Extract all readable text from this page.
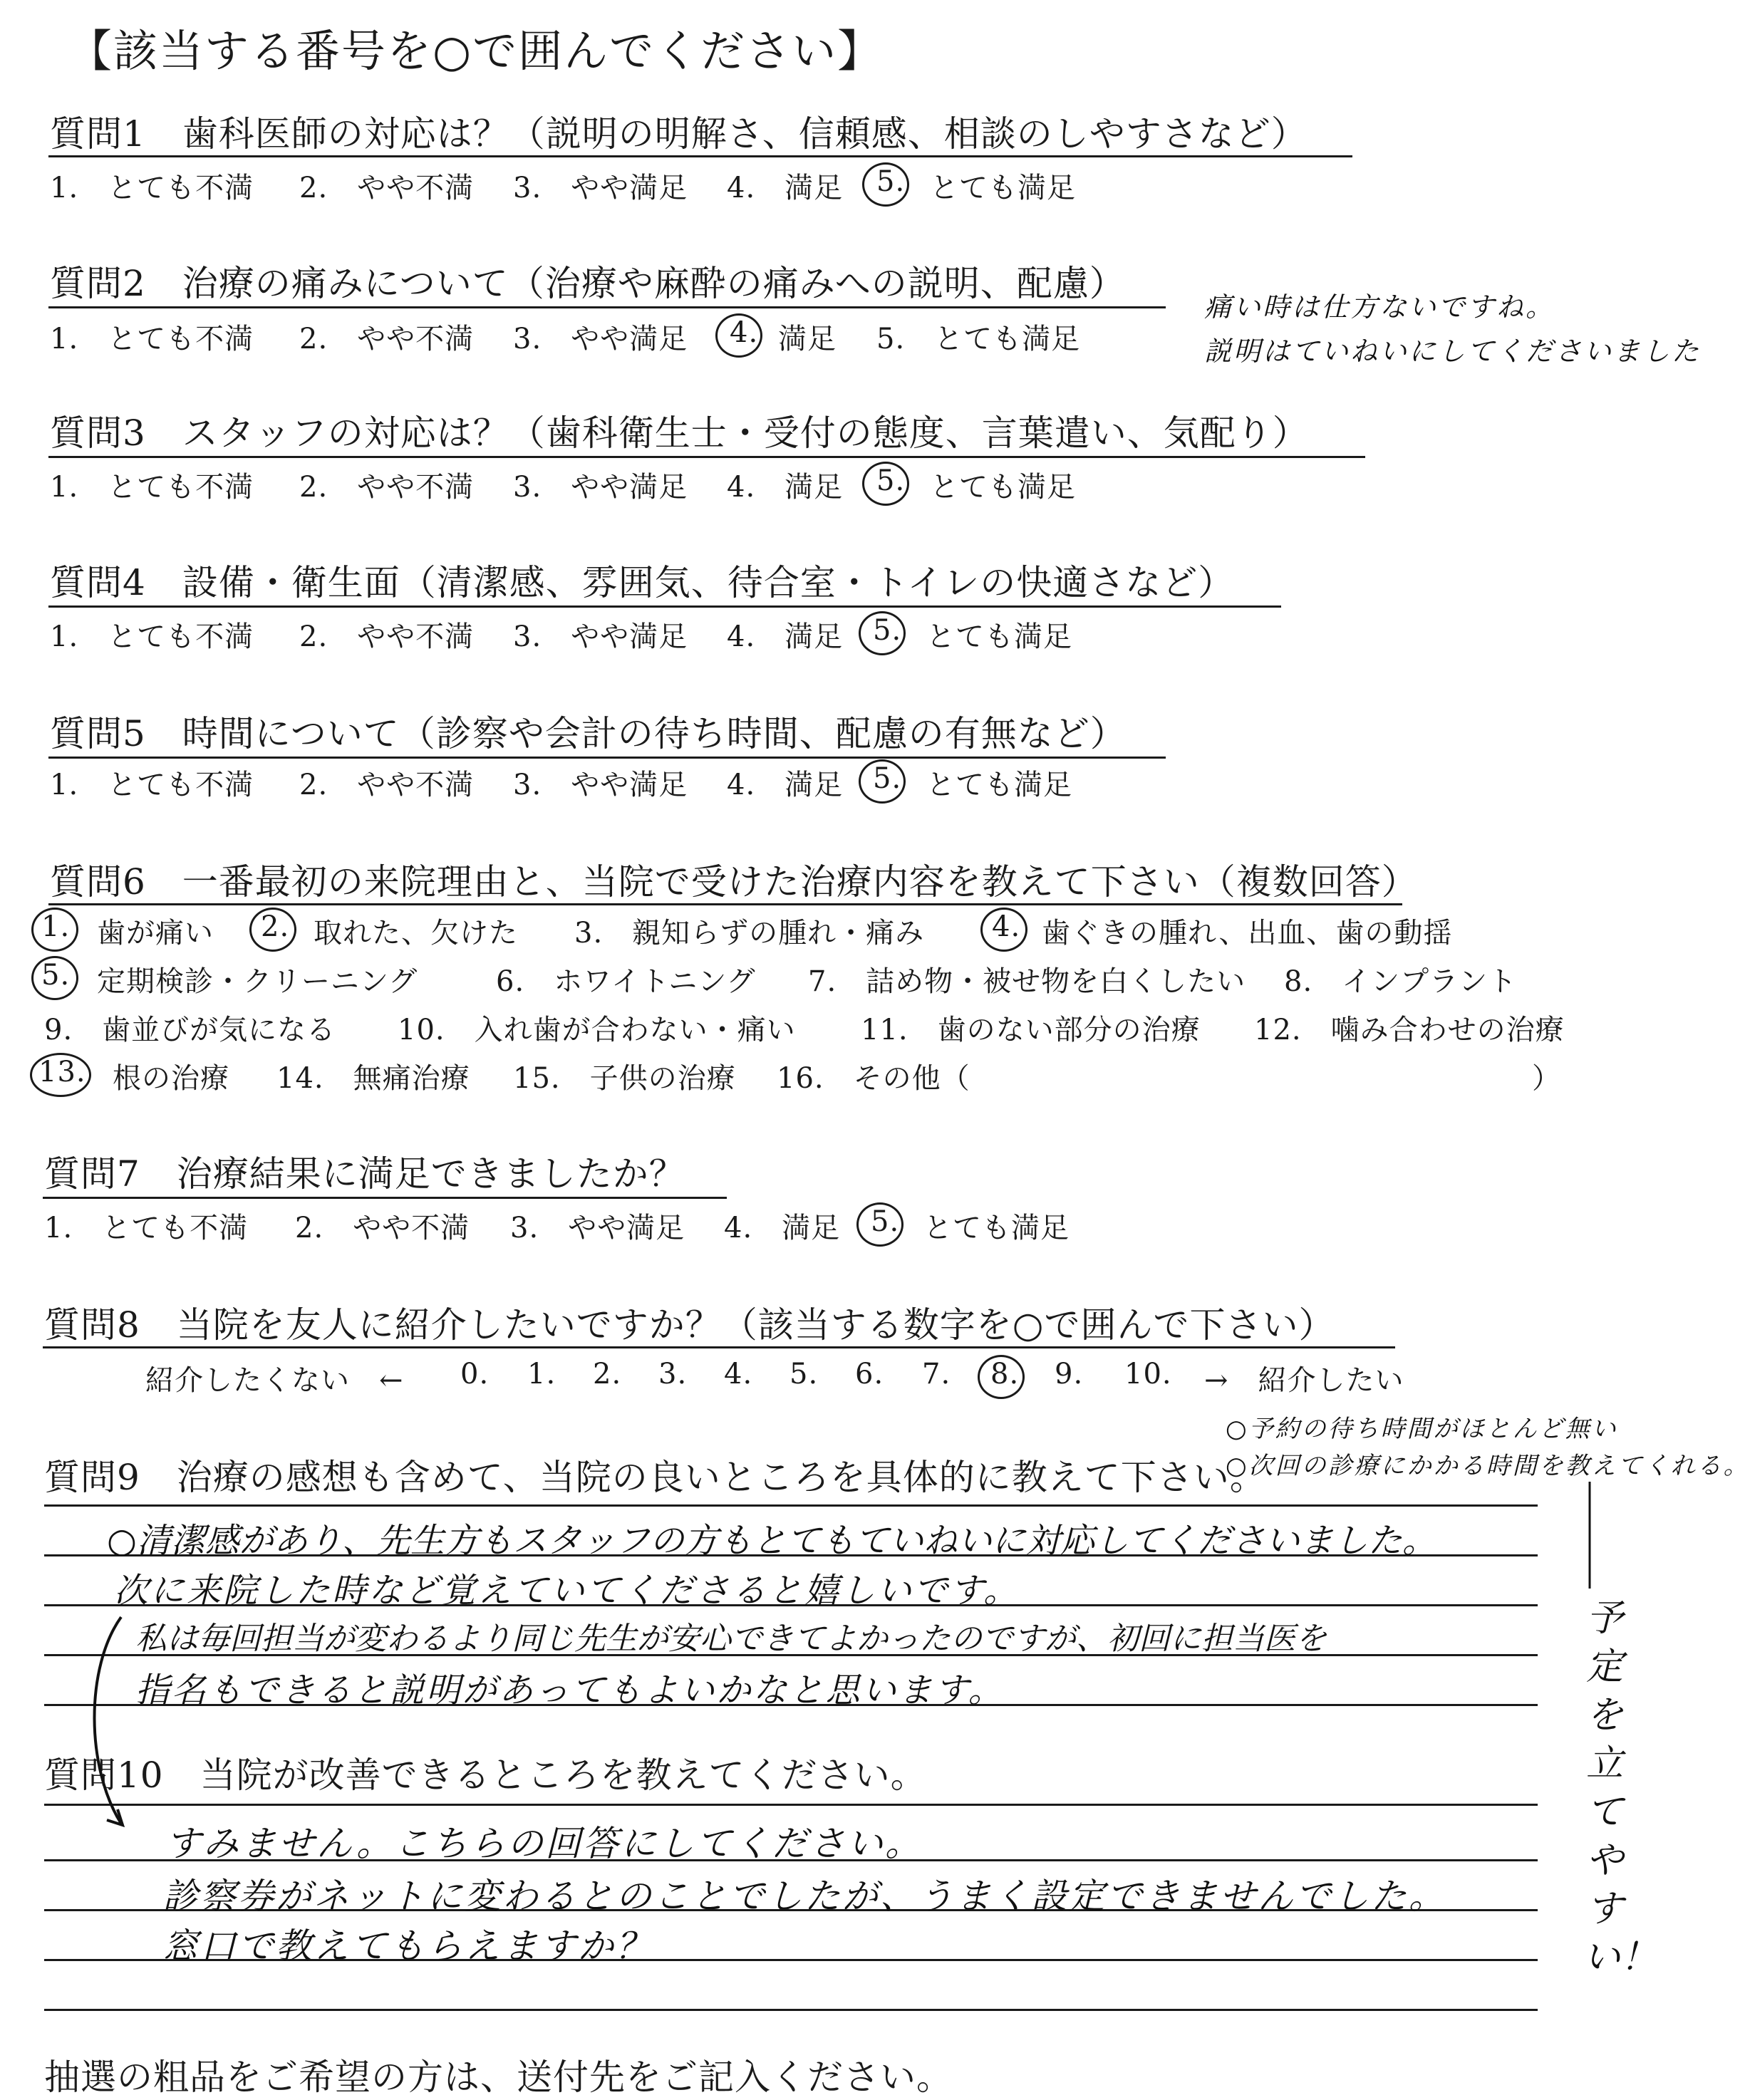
【該当する番号を○で囲んでください】
質問1　歯科医師の対応は？（説明の明解さ、信頼感、相談のしやすさなど）
1.　とても不満 2.　やや不満 3.　やや満足 4.　満足 5. とても満足
質問2　治療の痛みについて（治療や麻酔の痛みへの説明、配慮）
1.　とても不満 2.　やや不満 3.　やや満足 4. 満足 5.　とても満足
痛い時は仕方ないですね。
説明はていねいにしてくださいました
質問3　スタッフの対応は？（歯科衛生士・受付の態度、言葉遣い、気配り）
1.　とても不満 2.　やや不満 3.　やや満足 4.　満足 5. とても満足
質問4　設備・衛生面（清潔感、雰囲気、待合室・トイレの快適さなど）
1.　とても不満 2.　やや不満 3.　やや満足 4.　満足 5. とても満足
質問5　時間について（診察や会計の待ち時間、配慮の有無など）
1.　とても不満 2.　やや不満 3.　やや満足 4.　満足 5. とても満足
質問6　一番最初の来院理由と、当院で受けた治療内容を教えて下さい（複数回答）
1. 歯が痛い 2. 取れた、欠けた 3.　親知らずの腫れ・痛み 4. 歯ぐきの腫れ、出血、歯の動揺
5. 定期検診・クリーニング	6.　ホワイトニング 7.　詰め物・被せ物を白くしたい 8.　インプラント
9.　歯並びが気になる 10.　入れ歯が合わない・痛い 11.　歯のない部分の治療 12.　噛み合わせの治療
13. 根の治療 14.　無痛治療 15.　子供の治療 16.　その他（	）
質問7　治療結果に満足できましたか？
1.　とても不満 2.　やや不満 3.　やや満足 4.　満足 5. とても満足
質問8　当院を友人に紹介したいですか？（該当する数字を○で囲んで下さい）
紹介したくない　← 0. 1. 2. 3. 4. 5. 6. 7. 8. 9. 10. →　紹介したい
質問9　治療の感想も含めて、当院の良いところを具体的に教えて下さい。
○予約の待ち時間がほとんど無い
○次回の診療にかかる時間を教えてくれる。
○清潔感があり、先生方もスタッフの方もとてもていねいに対応してくださいました。
次に来院した時など覚えていてくださると嬉しいです。
私は毎回担当が変わるより同じ先生が安心できてよかったのですが、初回に担当医を
指名もできると説明があってもよいかなと思います。
予定を立てやすい！
質問10　当院が改善できるところを教えてください。
すみません。こちらの回答にしてください。
診察券がネットに変わるとのことでしたが、うまく設定できませんでした。
窓口で教えてもらえますか？
抽選の粗品をご希望の方は、送付先をご記入ください。
